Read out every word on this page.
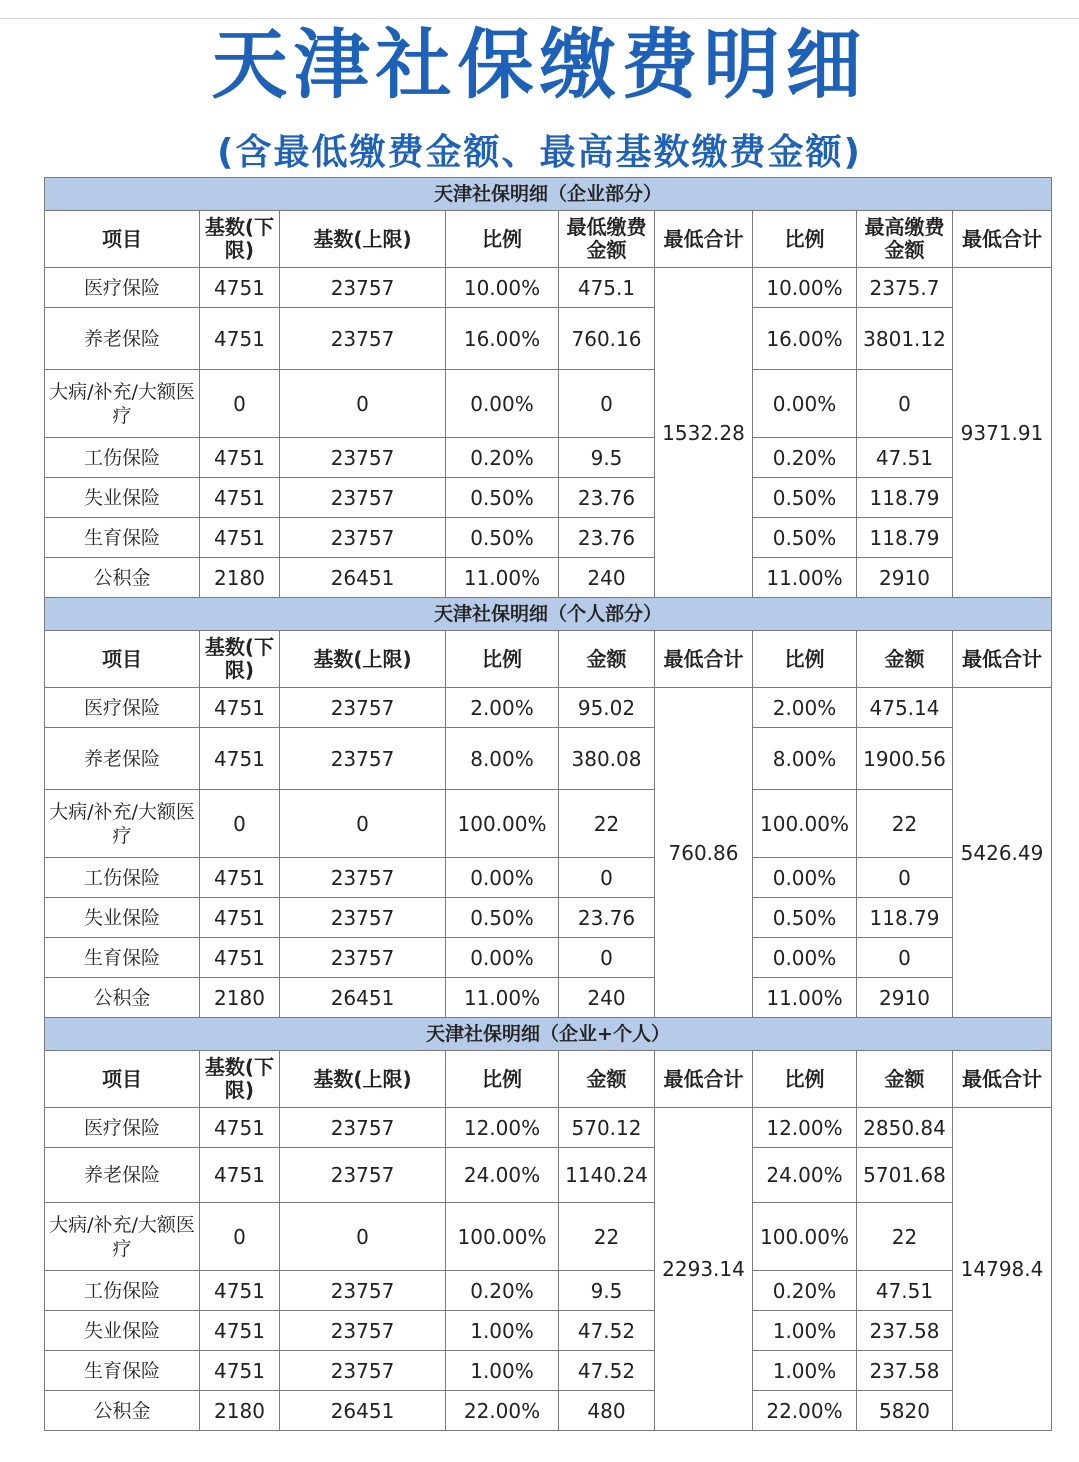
天津社保缴费明细
(含最低缴费金额、最高基数缴费金额)
天津社保明细（企业部分）								
项目	基数(下限)	基数(上限)	比例	最低缴费金额	最低合计	比例	最高缴费金额	最低合计
医疗保险	4751	23757	10.00%	475.1	1532.28	10.00%	2375.7	9371.91
养老保险	4751	23757	16.00%	760.16		16.00%	3801.12	
大病/补充/大额医疗	0	0	0.00%	0		0.00%	0	
工伤保险	4751	23757	0.20%	9.5		0.20%	47.51	
失业保险	4751	23757	0.50%	23.76		0.50%	118.79	
生育保险	4751	23757	0.50%	23.76		0.50%	118.79	
公积金	2180	26451	11.00%	240		11.00%	2910	
天津社保明细（个人部分）								
项目	基数(下限)	基数(上限)	比例	金额	最低合计	比例	金额	最低合计
医疗保险	4751	23757	2.00%	95.02	760.86	2.00%	475.14	5426.49
养老保险	4751	23757	8.00%	380.08		8.00%	1900.56	
大病/补充/大额医疗	0	0	100.00%	22		100.00%	22	
工伤保险	4751	23757	0.00%	0		0.00%	0	
失业保险	4751	23757	0.50%	23.76		0.50%	118.79	
生育保险	4751	23757	0.00%	0		0.00%	0	
公积金	2180	26451	11.00%	240		11.00%	2910	
天津社保明细（企业+个人）								
项目	基数(下限)	基数(上限)	比例	金额	最低合计	比例	金额	最低合计
医疗保险	4751	23757	12.00%	570.12	2293.14	12.00%	2850.84	14798.4
养老保险	4751	23757	24.00%	1140.24		24.00%	5701.68	
大病/补充/大额医疗	0	0	100.00%	22		100.00%	22	
工伤保险	4751	23757	0.20%	9.5		0.20%	47.51	
失业保险	4751	23757	1.00%	47.52		1.00%	237.58	
生育保险	4751	23757	1.00%	47.52		1.00%	237.58	
公积金	2180	26451	22.00%	480		22.00%	5820	
